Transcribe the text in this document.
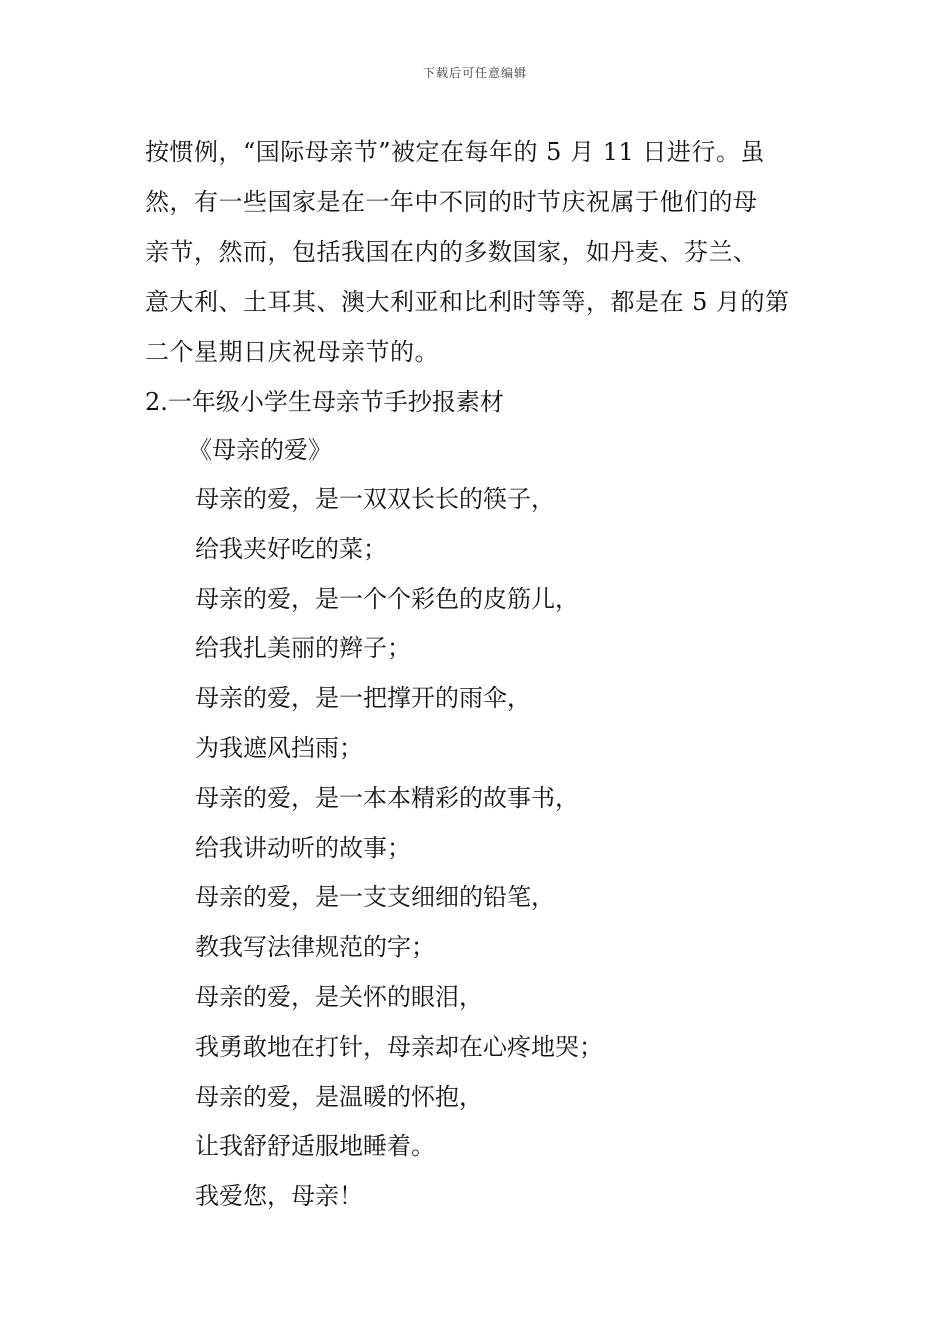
下载后可任意编辑
按惯例，“国际母亲节”被定在每年的 5 月 11 日进行。虽
然，有一些国家是在一年中不同的时节庆祝属于他们的母
亲节，然而，包括我国在内的多数国家，如丹麦、芬兰、
意大利、土耳其、澳大利亚和比利时等等，都是在 5 月的第
二个星期日庆祝母亲节的。
2.一年级小学生母亲节手抄报素材
《母亲的爱》
母亲的爱，是一双双长长的筷子，
给我夹好吃的菜；
母亲的爱，是一个个彩色的皮筋儿，
给我扎美丽的辫子；
母亲的爱，是一把撑开的雨伞，
为我遮风挡雨；
母亲的爱，是一本本精彩的故事书，
给我讲动听的故事；
母亲的爱，是一支支细细的铅笔，
教我写法律规范的字；
母亲的爱，是关怀的眼泪，
我勇敢地在打针，母亲却在心疼地哭；
母亲的爱，是温暖的怀抱，
让我舒舒适服地睡着。
我爱您，母亲！
